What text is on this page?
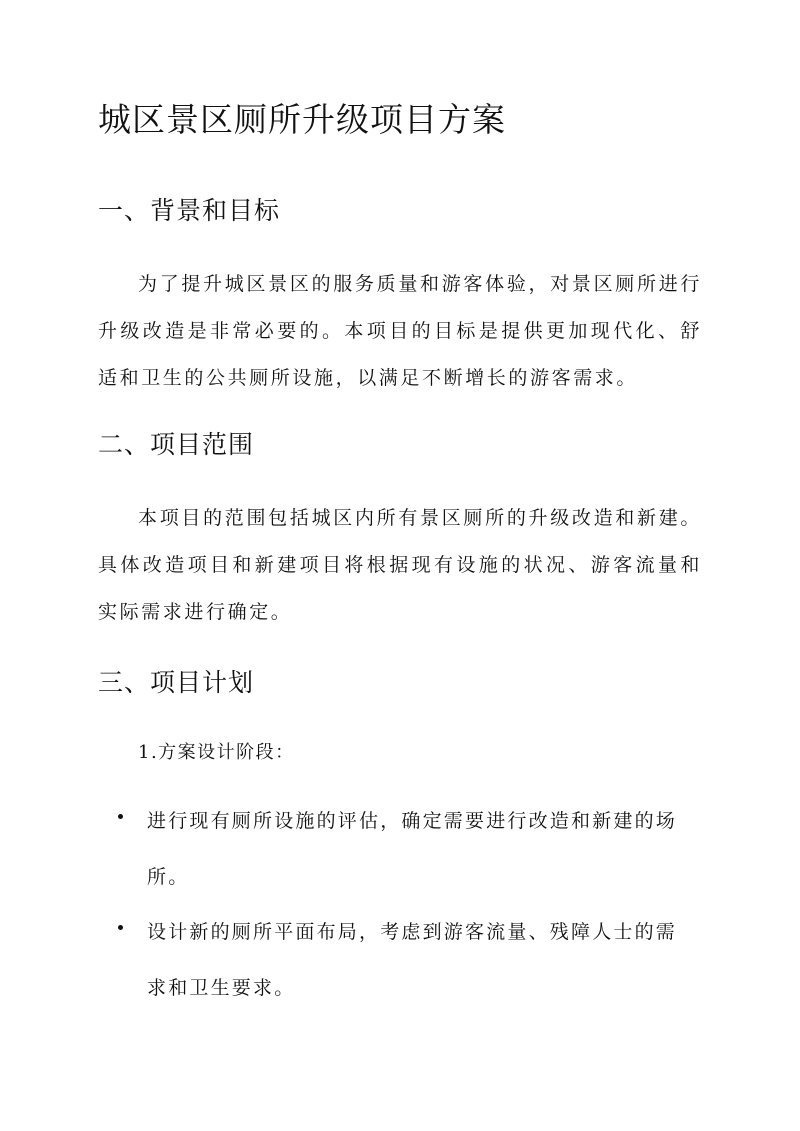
城区景区厕所升级项目方案
一、背景和目标

为了提升城区景区的服务质量和游客体验，对景区厕所进行升级改造是非常必要的。本项目的目标是提供更加现代化、舒适和卫生的公共厕所设施，以满足不断增长的游客需求。

二、项目范围

本项目的范围包括城区内所有景区厕所的升级改造和新建。具体改造项目和新建项目将根据现有设施的状况、游客流量和实际需求进行确定。

三、项目计划

1.方案设计阶段：

进行现有厕所设施的评估，确定需要进行改造和新建的场所。
设计新的厕所平面布局，考虑到游客流量、残障人士的需求和卫生要求。
